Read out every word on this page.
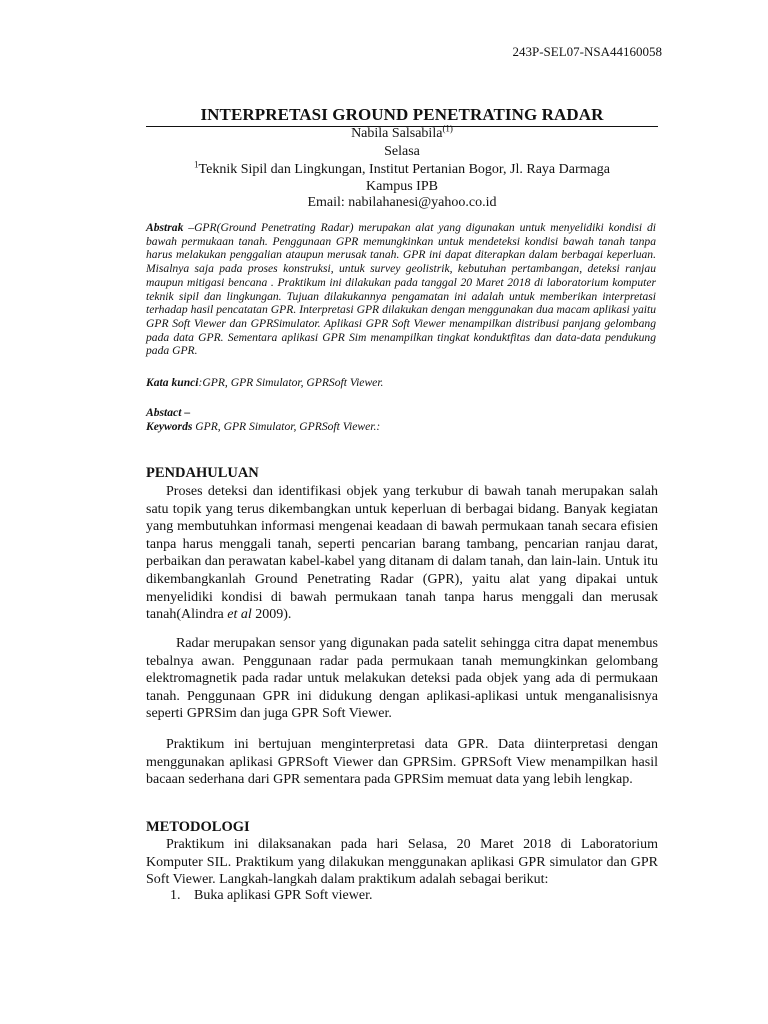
243P-SEL07-NSA44160058
INTERPRETASI GROUND PENETRATING RADAR
Nabila Salsabila$^{(1)}$
Selasa
$^1$Teknik Sipil dan Lingkungan, Institut Pertanian Bogor, Jl. Raya Darmaga
Kampus IPB
Email: nabilahanesi@yahoo.co.id

Abstrak –GPR(Ground Penetrating Radar) merupakan alat yang digunakan untuk menyelidiki kondisi di bawah permukaan tanah. Penggunaan GPR memungkinkan untuk mendeteksi kondisi bawah tanah tanpa harus melakukan penggalian ataupun merusak tanah. GPR ini dapat diterapkan dalam berbagai keperluan. Misalnya saja pada proses konstruksi, untuk survey geolistrik, kebutuhan pertambangan, deteksi ranjau maupun mitigasi bencana . Praktikum ini dilakukan pada tanggal 20 Maret 2018 di laboratorium komputer teknik sipil dan lingkungan. Tujuan dilakukannya pengamatan ini adalah untuk memberikan interpretasi terhadap hasil pencatatan GPR. Interpretasi GPR dilakukan dengan menggunakan dua macam aplikasi yaitu GPR Soft Viewer dan GPRSimulator. Aplikasi GPR Soft Viewer menampilkan distribusi panjang gelombang pada data GPR. Sementara aplikasi GPR Sim menampilkan tingkat konduktfitas dan data-data pendukung pada GPR.

Kata kunci:GPR, GPR Simulator, GPRSoft Viewer.

Abstact –
Keywords GPR, GPR Simulator, GPRSoft Viewer.:

PENDAHULUAN

Proses deteksi dan identifikasi objek yang terkubur di bawah tanah merupakan salah satu topik yang terus dikembangkan untuk keperluan di berbagai bidang. Banyak kegiatan yang membutuhkan informasi mengenai keadaan di bawah permukaan tanah secara efisien tanpa harus menggali tanah, seperti pencarian barang tambang, pencarian ranjau darat, perbaikan dan perawatan kabel-kabel yang ditanam di dalam tanah, dan lain-lain. Untuk itu dikembangkanlah Ground Penetrating Radar (GPR), yaitu alat yang dipakai untuk menyelidiki kondisi di bawah permukaan tanah tanpa harus menggali dan merusak tanah(Alindra et al 2009).

Radar merupakan sensor yang digunakan pada satelit sehingga citra dapat menembus tebalnya awan. Penggunaan radar pada permukaan tanah memungkinkan gelombang elektromagnetik pada radar untuk melakukan deteksi pada objek yang ada di permukaan tanah. Penggunaan GPR ini didukung dengan aplikasi-aplikasi untuk menganalisisnya seperti GPRSim dan juga GPR Soft Viewer.

Praktikum ini bertujuan menginterpretasi data GPR. Data diinterpretasi dengan menggunakan aplikasi GPRSoft Viewer dan GPRSim. GPRSoft View menampilkan hasil bacaan sederhana dari GPR sementara pada GPRSim memuat data yang lebih lengkap.

METODOLOGI

Praktikum ini dilaksanakan pada hari Selasa, 20 Maret 2018 di Laboratorium Komputer SIL. Praktikum yang dilakukan menggunakan aplikasi GPR simulator dan GPR Soft Viewer. Langkah-langkah dalam praktikum adalah sebagai berikut:

1. Buka aplikasi GPR Soft viewer.
